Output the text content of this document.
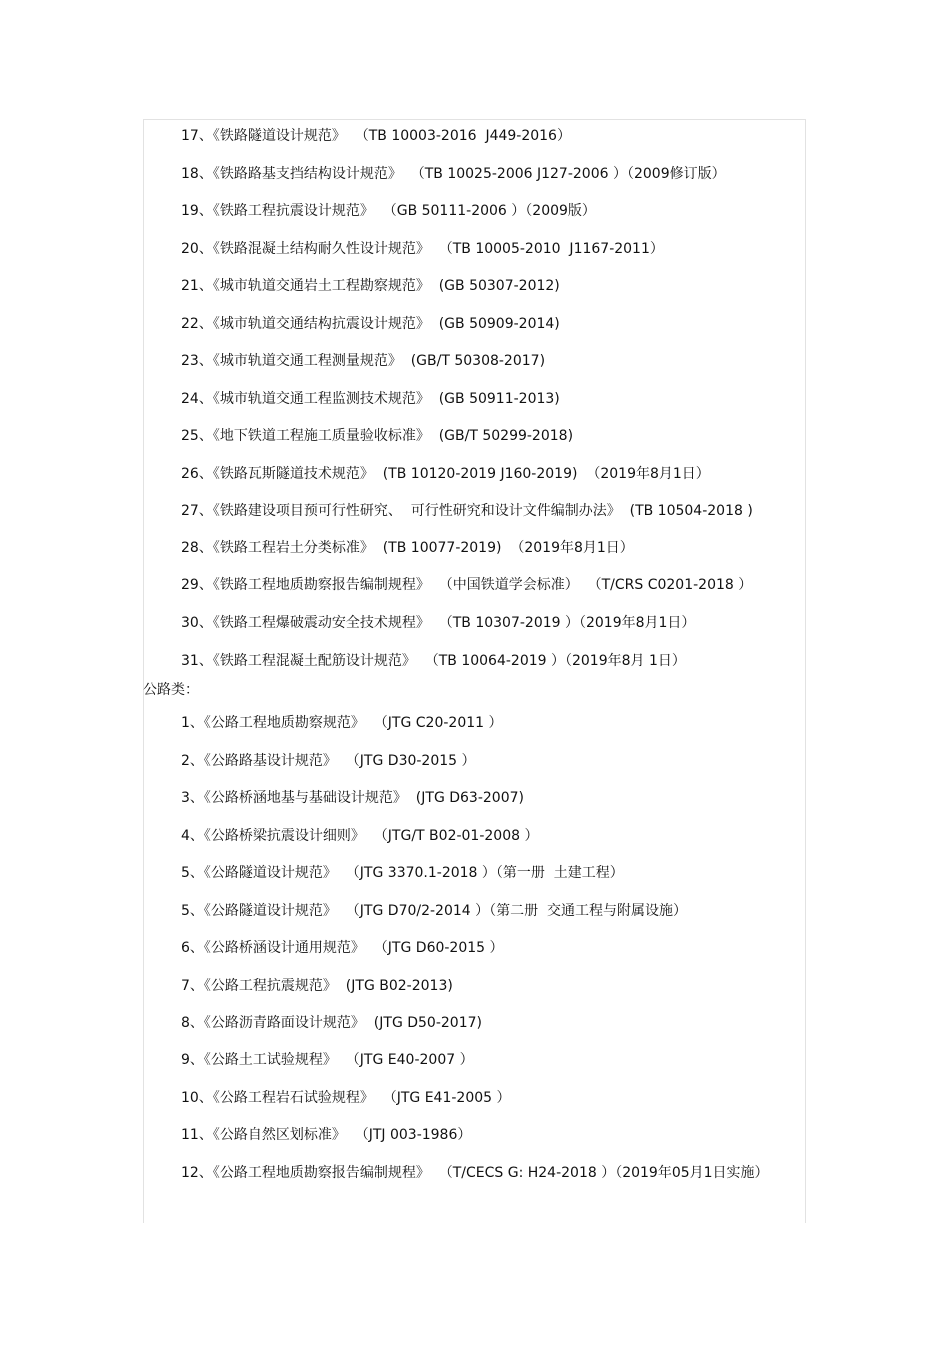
17、《铁路隧道设计规范》  （TB 10003-2016  J449-2016）
18、《铁路路基支挡结构设计规范》  （TB 10025-2006 J127-2006 ）（2009修订版）
19、《铁路工程抗震设计规范》  （GB 50111-2006 ）（2009版）
20、《铁路混凝土结构耐久性设计规范》  （TB 10005-2010  J1167-2011）
21、《城市轨道交通岩土工程勘察规范》  (GB 50307-2012)
22、《城市轨道交通结构抗震设计规范》  (GB 50909-2014)
23、《城市轨道交通工程测量规范》  (GB/T 50308-2017)
24、《城市轨道交通工程监测技术规范》  (GB 50911-2013)
25、《地下铁道工程施工质量验收标准》  (GB/T 50299-2018)
26、《铁路瓦斯隧道技术规范》  (TB 10120-2019 J160-2019)  （2019年8月1日）
27、《铁路建设项目预可行性研究、  可行性研究和设计文件编制办法》  (TB 10504-2018 )
28、《铁路工程岩土分类标准》  (TB 10077-2019)  （2019年8月1日）
29、《铁路工程地质勘察报告编制规程》  （中国铁道学会标准）  （T/CRS C0201-2018 ）
30、《铁路工程爆破震动安全技术规程》  （TB 10307-2019 ）（2019年8月1日）
31、《铁路工程混凝土配筋设计规范》  （TB 10064-2019 ）（2019年8月 1日）
公路类：
1、《公路工程地质勘察规范》  （JTG C20-2011 ）
2、《公路路基设计规范》  （JTG D30-2015 ）
3、《公路桥涵地基与基础设计规范》  (JTG D63-2007)
4、《公路桥梁抗震设计细则》  （JTG/T B02-01-2008 ）
5、《公路隧道设计规范》  （JTG 3370.1-2018 ）（第一册  土建工程）
5、《公路隧道设计规范》  （JTG D70/2-2014 ）（第二册  交通工程与附属设施）
6、《公路桥涵设计通用规范》  （JTG D60-2015 ）
7、《公路工程抗震规范》  (JTG B02-2013)
8、《公路沥青路面设计规范》  (JTG D50-2017)
9、《公路土工试验规程》  （JTG E40-2007 ）
10、《公路工程岩石试验规程》  （JTG E41-2005 ）
11、《公路自然区划标准》  （JTJ 003-1986）
12、《公路工程地质勘察报告编制规程》  （T/CECS G: H24-2018 ）（2019年05月1日实施）
